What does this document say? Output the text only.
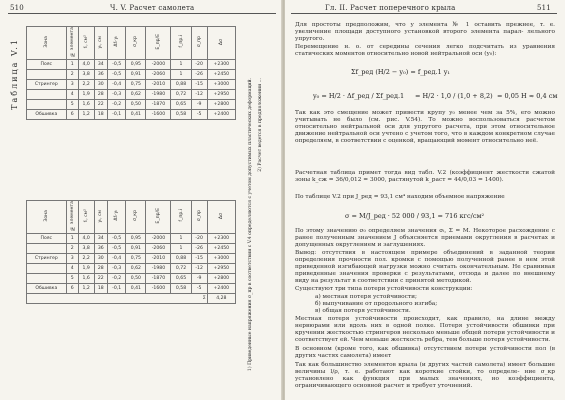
510	Ч. V. Расчет самолета
Таблица V.1
1) Приведенные напряжения σ_пр в соответствии с V.4 определяются с учетом допустимых пластических деформаций. 2) Расчет ведется в предположении ...
Зона	№ элемента	fᵢ, см²	yᵢ, см	Δfᵢ·yᵢ	σ_кр	E_пр/E	f_пр.i	σ_пр	Δσ
Пояс	1	4,0	34	-0,5	0,95	-2000	1	-20	+2300
	2	3,8	36	-0,5	0,91	-2060	1	-26	+2450
Стрингер	3	2,2	30	-0,4	0,75	-2010	0,88	-15	+3000
	4	1,9	28	-0,3	0,62	-1980	0,72	-12	+2950
	5	1,6	22	-0,2	0,50	-1870	0,65	-9	+2800
Обшивка	6	1,2	18	-0,1	0,41	-1600	0,58	-5	+2400
Зона	№ элемента	fᵢ, см²	yᵢ, см	Δfᵢ·yᵢ	σ_кр	E_пр/E	f_пр.i	σ_пр	Δσ
Пояс	1	4,0	34	-0,5	0,95	-2000	1	-20	+2300
	2	3,8	36	-0,5	0,91	-2060	1	-26	+2450
Стрингер	3	2,2	30	-0,4	0,75	-2010	0,88	-15	+3000
	4	1,9	28	-0,3	0,62	-1980	0,72	-12	+2950
	5	1,6	22	-0,2	0,50	-1870	0,65	-9	+2800
Обшивка	6	1,2	18	-0,1	0,41	-1600	0,58	-5	+2400
Σ									4,28
Гл. II. Расчет поперечного крыла	511
Для простоты предположим, что у элемента № 1 оставить прежнее, т. е. увеличение площади доступного установкой второго элемента парал- лельного упругого.
Перемещение н. о. от середины сечения легко подсчитать из уравнения статических моментов относительно новой нейтральной оси (у₀):
Σf_ред (H/2 − y₀) = f_ред.1 y₁
y₀ = H/2 · Δf_ред / Σf_ред.1 = H/2 · 1,0 / (1,0 + 8,2) = 0,05 H ≈ 0,4 см
Так как это смещение может привести крупу у₀ менее чем за 5%, его можно учитывать не было (см. рис. V.54). То можно воспользоваться расчетом относительно нейтральной оси для упругого расчета, при этом относительное движение нейтральной оси учтено с учетом того, что в каждом конкретном случае определяем, в соответствии с оценкой, вращающий момент относительно неё.
Расчетная таблица примет тогда вид табл. V.2 (коэффициент жесткости сжатой зоны k_сж = 36/0,012 = 3000, растянутой k_раст = 44/0,03 = 1400).
По таблице V.2 при J_ред = 93,1 см⁴ находим объемное напряжение
σ = M/J_ред · 52 000 / 93,1 = 716 кгс/см²
По этому значению σ₀ определяем значения σᵢ, Σ = M. Некоторое расхождение с ранее полученным значением Ј объясняется приемами округления в расчетах и допущенных округлением и заглушениях.
Вывод: отсутствия в настоящем примере объединений в заданной теории определения прочности пол. кромки с помощью полученной ранее в нем этой приведенной изгибающей нагрузки можно считать окончательным. Не сравнивая приведенные значения проверки с результатами, отсюда и далее по внешнему виду на результат в соответствии с принятой методикой.
Существуют три типа потери устойчивости конструкции:
а) местная потеря устойчивости;
б) выпучивание от продольного изгиба;
в) общая потеря устойчивости.
Местная потеря устойчивости происходит, как правило, на длине между нервюрами или вдоль них в одной полке. Потеря устойчивости обшивки при кручении жесткостью стрингеров несколько меньше общей потери устойчивости и соответствует ей. Чем меньше жесткость ребра, тем больше потеря устойчивости.
В основном (кроме того, как обшивка) отсутствием потери устойчивости пол (в других частях самолета) имеет
Так как большинство элементов крыла (и других частей самолета) имеет большие величины l/ρ, т. е. работают как короткие стойки, то определе- ние σ_кр установлено как функция при малых значениях, но коэффициента, ограничивающего основной расчет и требует уточнений.
